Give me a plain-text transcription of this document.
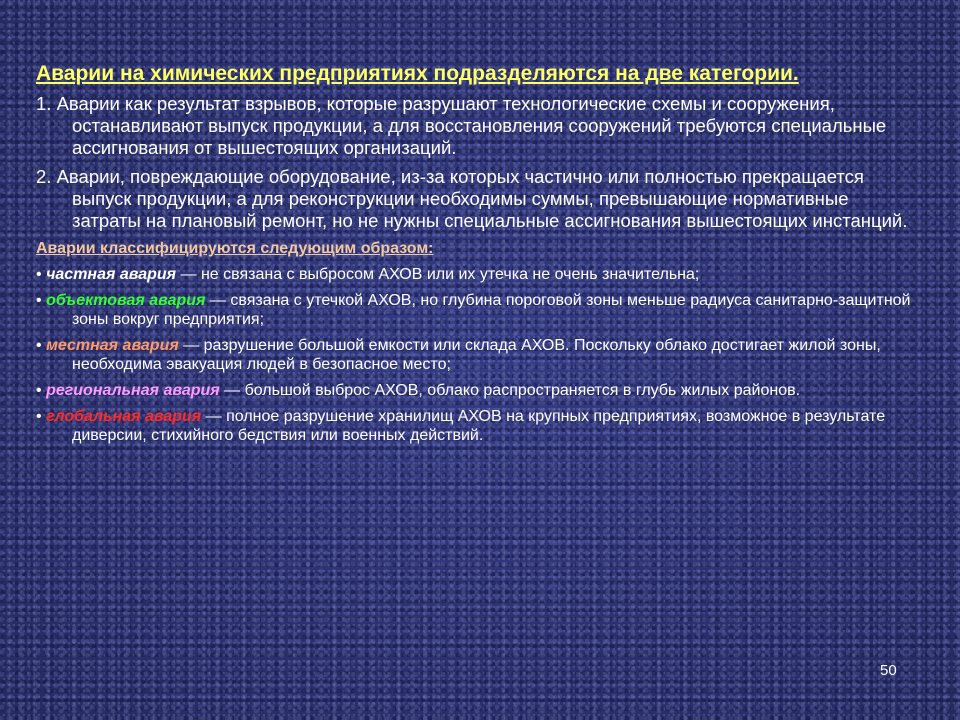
Аварии на химических предприятиях подразделяются на две категории.
1. Аварии как результат взрывов, которые разрушают технологические схемы и сооружения, останавливают выпуск продукции, а для восстановления сооружений требуются специальные ассигнования от вышестоящих организаций.
2. Аварии, повреждающие оборудование, из-за которых частично или полностью прекращается выпуск продукции, а для реконструкции необходимы суммы, превышающие нормативные затраты на плановый ремонт, но не нужны специальные ассигнования вышестоящих инстанций.
Аварии классифицируются следующим образом:
• частная авария — не связана с выбросом АХОВ или их утечка не очень значительна;
• объектовая авария — связана с утечкой АХОВ, но глубина пороговой зоны меньше радиуса санитарно-защитной зоны вокруг предприятия;
• местная авария — разрушение большой емкости или склада АХОВ. Поскольку облако достигает жилой зоны, необходима эвакуация людей в безопасное место;
• региональная авария — большой выброс АХОВ, облако распространяется в глубь жилых районов.
• глобальная авария — полное разрушение хранилищ АХОВ на крупных предприятиях, возможное в результате диверсии, стихийного бедствия или военных действий.
50
